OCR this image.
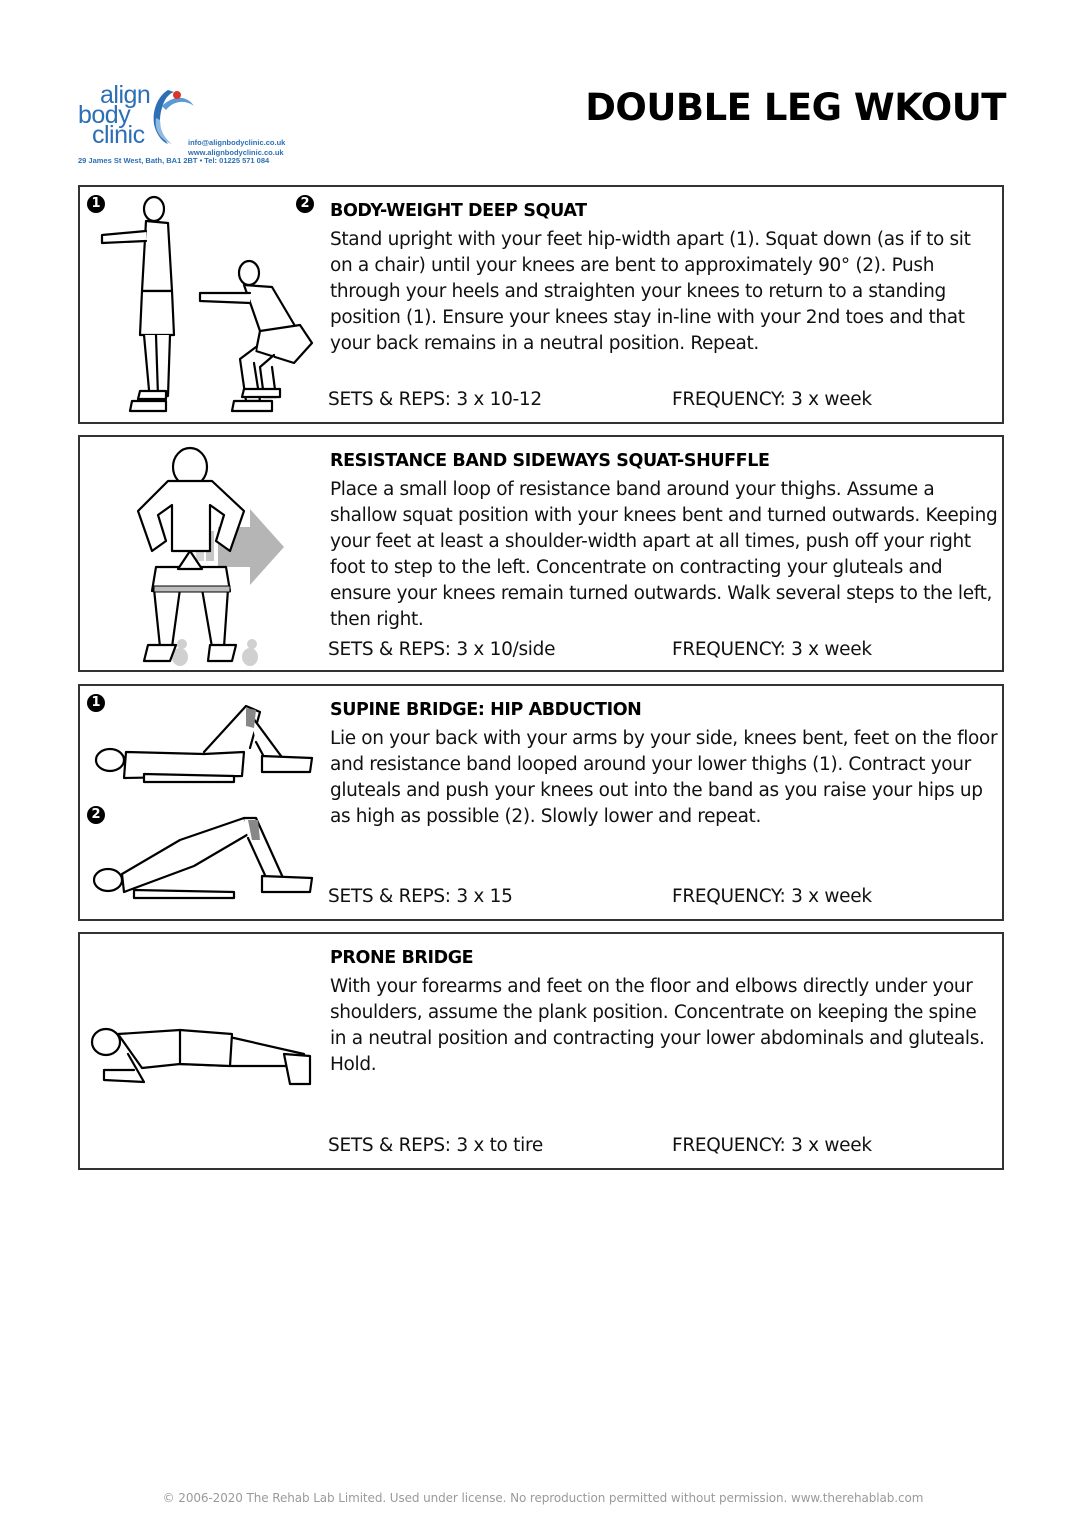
align
body
clinic	info@alignbodyclinic.co.uk
www.alignbodyclinic.co.uk
29 James St West, Bath, BA1 2BT • Tel: 01225 571 084
DOUBLE LEG WKOUT
1	2 BODY-WEIGHT DEEP SQUAT

Stand upright with your feet hip-width apart (1). Squat down (as if to sit on a chair) until your knees are bent to approximately 90° (2). Push through your heels and straighten your knees to return to a standing position (1). Ensure your knees stay in-line with your 2nd toes and that your back remains in a neutral position. Repeat.

SETS & REPS: 3 x 10-12	FREQUENCY: 3 x week
RESISTANCE BAND SIDEWAYS SQUAT-SHUFFLE

Place a small loop of resistance band around your thighs. Assume a shallow squat position with your knees bent and turned outwards. Keeping your feet at least a shoulder-width apart at all times, push off your right foot to step to the left. Concentrate on contracting your gluteals and ensure your knees remain turned outwards. Walk several steps to the left, then right.

SETS & REPS: 3 x 10/side	FREQUENCY: 3 x week
1
2
SUPINE BRIDGE: HIP ABDUCTION

Lie on your back with your arms by your side, knees bent, feet on the floor and resistance band looped around your lower thighs (1). Contract your gluteals and push your knees out into the band as you raise your hips up as high as possible (2). Slowly lower and repeat.

SETS & REPS: 3 x 15	FREQUENCY: 3 x week
PRONE BRIDGE

With your forearms and feet on the floor and elbows directly under your shoulders, assume the plank position. Concentrate on keeping the spine in a neutral position and contracting your lower abdominals and gluteals. Hold.

SETS & REPS: 3 x to tire	FREQUENCY: 3 x week
© 2006-2020 The Rehab Lab Limited. Used under license. No reproduction permitted without permission. www.therehablab.com
